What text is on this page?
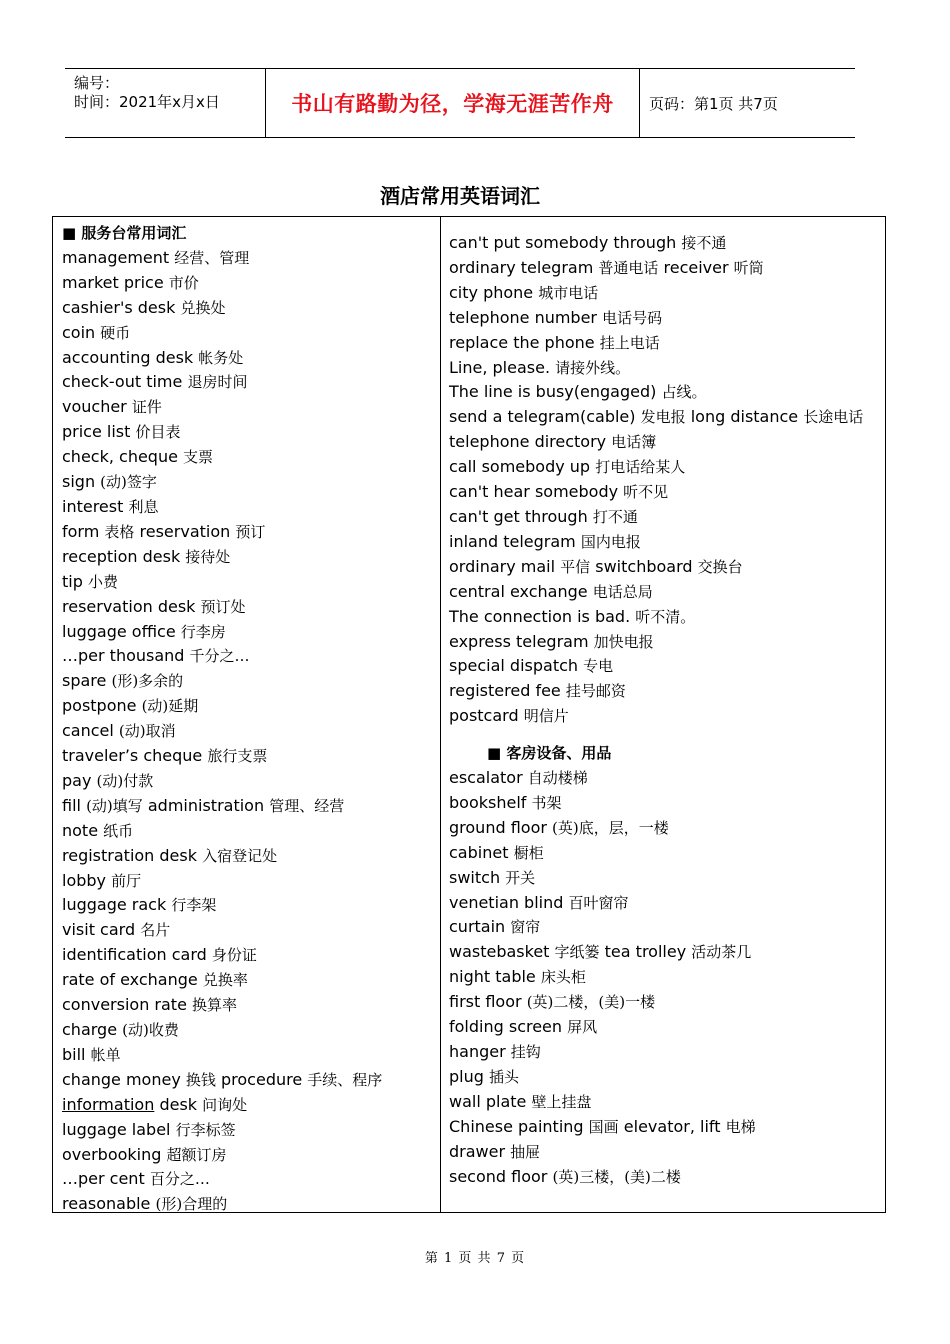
编号：
时间：2021年x月x日	书山有路勤为径，学海无涯苦作舟 页码：第1页 共7页
酒店常用英语词汇
■ 服务台常用词汇
management 经营、管理
market price 市价
cashier's desk 兑换处
coin 硬币
accounting desk 帐务处
check-out time 退房时间
voucher 证件
price list 价目表
check, cheque 支票
sign (动)签字
interest 利息
form 表格 reservation 预订
reception desk 接待处
tip 小费
reservation desk 预订处
luggage office 行李房
…per thousand 千分之…
spare (形)多余的
postpone (动)延期
cancel (动)取消
traveler’s cheque 旅行支票
pay (动)付款
fill (动)填写 administration 管理、经营
note 纸币
registration desk 入宿登记处
lobby 前厅
luggage rack 行李架
visit card 名片
identification card 身份证
rate of exchange 兑换率
conversion rate 换算率
charge (动)收费
bill 帐单
change money 换钱 procedure 手续、程序
information desk 问询处
luggage label 行李标签
overbooking 超额订房
…per cent 百分之…
reasonable (形)合理的
can't put somebody through 接不通
ordinary telegram 普通电话 receiver 听筒
city phone 城市电话
telephone number 电话号码
replace the phone 挂上电话
Line, please. 请接外线。
The line is busy(engaged) 占线。
send a telegram(cable) 发电报 long distance 长途电话
telephone directory 电话簿
call somebody up 打电话给某人
can't hear somebody 听不见
can't get through 打不通
inland telegram 国内电报
ordinary mail 平信 switchboard 交换台
central exchange 电话总局
The connection is bad. 听不清。
express telegram 加快电报
special dispatch 专电
registered fee 挂号邮资
postcard 明信片
■ 客房设备、用品
escalator 自动楼梯
bookshelf 书架
ground floor (英)底，层，一楼
cabinet 橱柜
switch 开关
venetian blind 百叶窗帘
curtain 窗帘
wastebasket 字纸篓 tea trolley 活动茶几
night table 床头柜
first floor (英)二楼，(美)一楼
folding screen 屏风
hanger 挂钩
plug 插头
wall plate 壁上挂盘
Chinese painting 国画 elevator, lift 电梯
drawer 抽屉
second floor (英)三楼，(美)二楼
第 1 页 共 7 页
